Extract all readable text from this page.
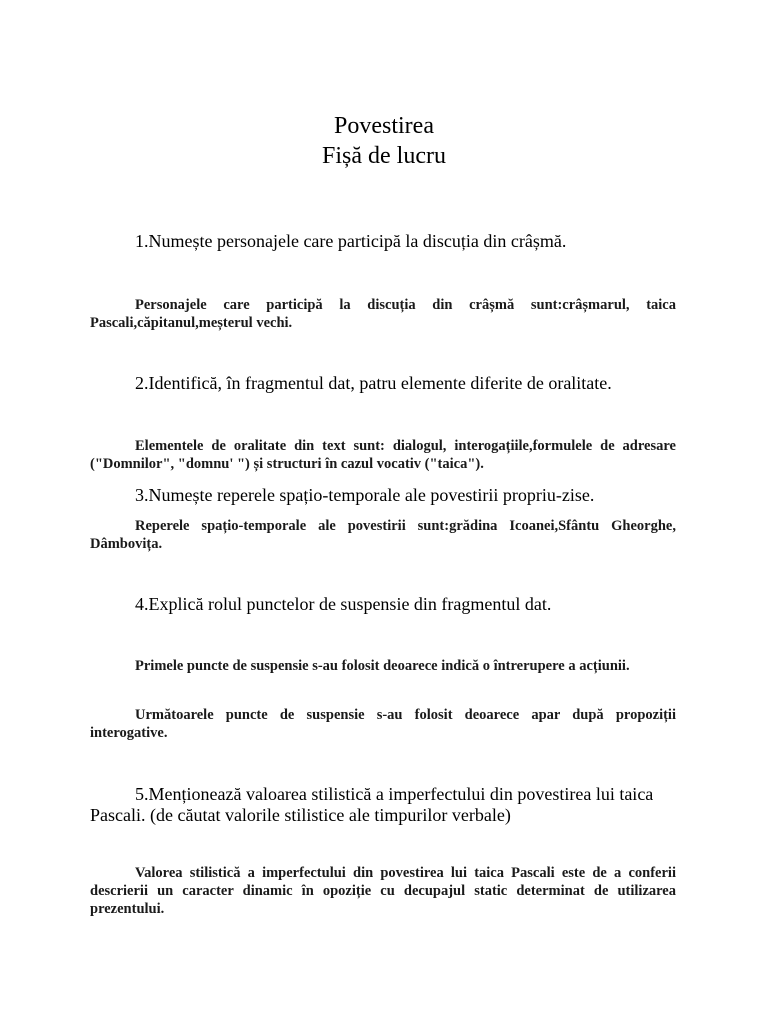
Povestirea
Fișă de lucru

1.Numește personajele care participă la discuția din crâșmă.

Personajele care participă la discuția din crâșmă sunt:crâșmarul, taica Pascali,căpitanul,meșterul vechi.

2.Identifică, în fragmentul dat, patru elemente diferite de oralitate.

Elementele de oralitate din text sunt: dialogul, interogațiile,formulele de adresare ("Domnilor", "domnu' ") și structuri în cazul vocativ ("taica").

3.Numește reperele spațio-temporale ale povestirii propriu-zise.

Reperele spațio-temporale ale povestirii sunt:grădina Icoanei,Sfântu Gheorghe, Dâmbovița.

4.Explică rolul punctelor de suspensie din fragmentul dat.

Primele puncte de suspensie s-au folosit deoarece indică o întrerupere a acțiunii.

Următoarele puncte de suspensie s-au folosit deoarece apar după propoziții interogative.

5.Menționează valoarea stilistică a imperfectului din povestirea lui taica Pascali. (de căutat valorile stilistice ale timpurilor verbale)

Valorea stilistică a imperfectului din povestirea lui taica Pascali este de a conferii descrierii un caracter dinamic în opoziție cu decupajul static determinat de utilizarea prezentului.
